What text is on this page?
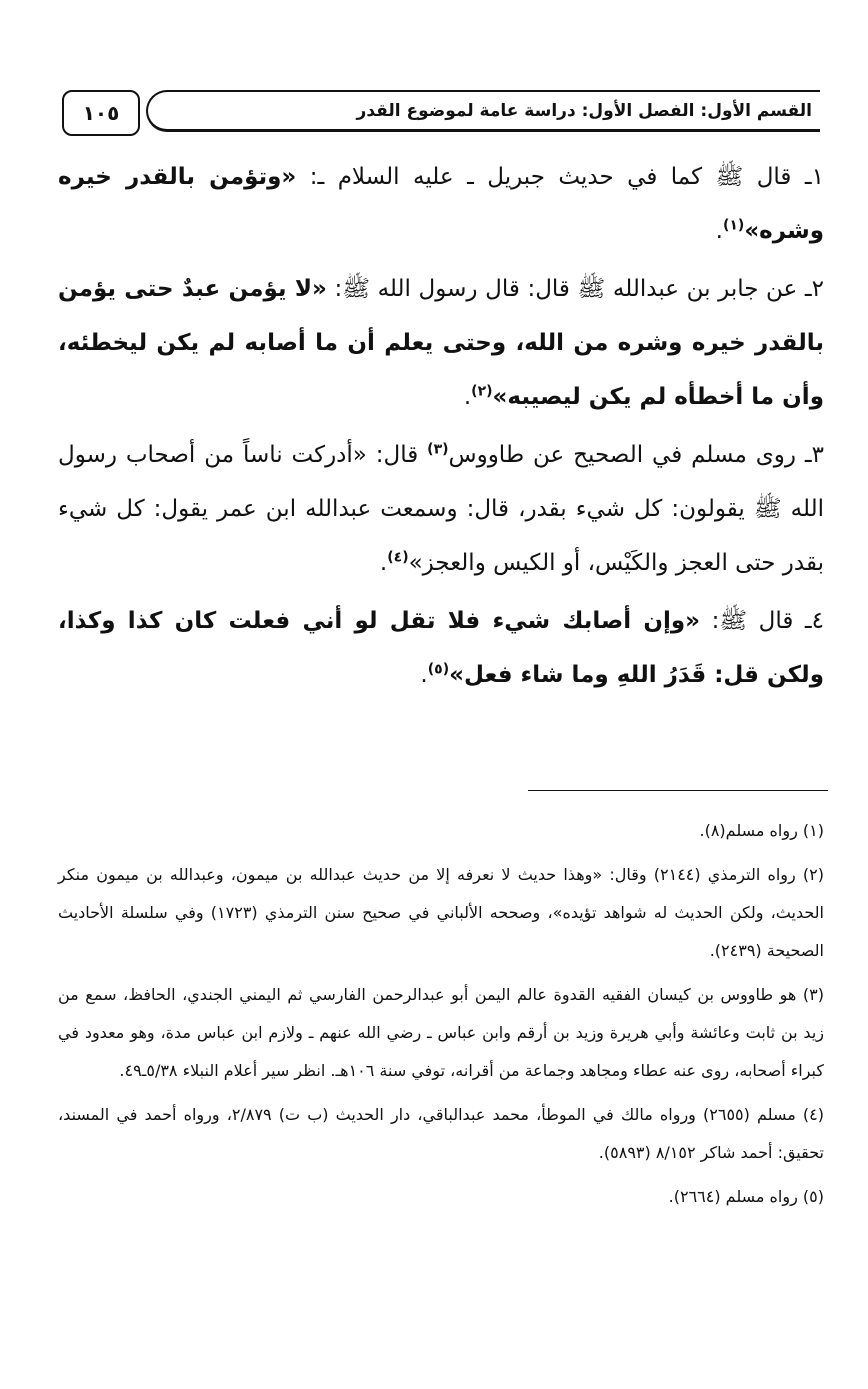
١٠٥	القسم الأول: الفصل الأول: دراسة عامة لموضوع القدر

١ـ قال ﷺ كما في حديث جبريل ـ عليه السلام ـ: «وتؤمن بالقدر خيره وشره»$^{(١)}$.

٢ـ عن جابر بن عبدالله ﷺ قال: قال رسول الله ﷺ: «لا يؤمن عبدٌ حتى يؤمن بالقدر خيره وشره من الله، وحتى يعلم أن ما أصابه لم يكن ليخطئه، وأن ما أخطأه لم يكن ليصيبه»$^{(٢)}$.

٣ـ روى مسلم في الصحيح عن طاووس$^{(٣)}$ قال: «أدركت ناساً من أصحاب رسول الله ﷺ يقولون: كل شيء بقدر، قال: وسمعت عبدالله ابن عمر يقول: كل شيء بقدر حتى العجز والكَيْس، أو الكيس والعجز»$^{(٤)}$.

٤ـ قال ﷺ: «وإن أصابك شيء فلا تقل لو أني فعلت كان كذا وكذا، ولكن قل: قَدَرُ اللهِ وما شاء فعل»$^{(٥)}$.

(١) رواه مسلم(٨).

(٢) رواه الترمذي (٢١٤٤) وقال: «وهذا حديث لا نعرفه إلا من حديث عبدالله بن ميمون، وعبدالله بن ميمون منكر الحديث، ولكن الحديث له شواهد تؤيده»، وصححه الألباني في صحيح سنن الترمذي (١٧٢٣) وفي سلسلة الأحاديث الصحيحة (٢٤٣٩).

(٣) هو طاووس بن كيسان الفقيه القدوة عالم اليمن أبو عبدالرحمن الفارسي ثم اليمني الجندي، الحافظ، سمع من زيد بن ثابت وعائشة وأبي هريرة وزيد بن أرقم وابن عباس ـ رضي الله عنهم ـ ولازم ابن عباس مدة، وهو معدود في كبراء أصحابه، روى عنه عطاء ومجاهد وجماعة من أقرانه، توفي سنة ١٠٦هـ. انظر سير أعلام النبلاء ٥/٣٨ـ٤٩.

(٤) مسلم (٢٦٥٥) ورواه مالك في الموطأ، محمد عبدالباقي، دار الحديث (ب ت) ٢/٨٧٩، ورواه أحمد في المسند، تحقيق: أحمد شاكر ٨/١٥٢ (٥٨٩٣).

(٥) رواه مسلم (٢٦٦٤).
